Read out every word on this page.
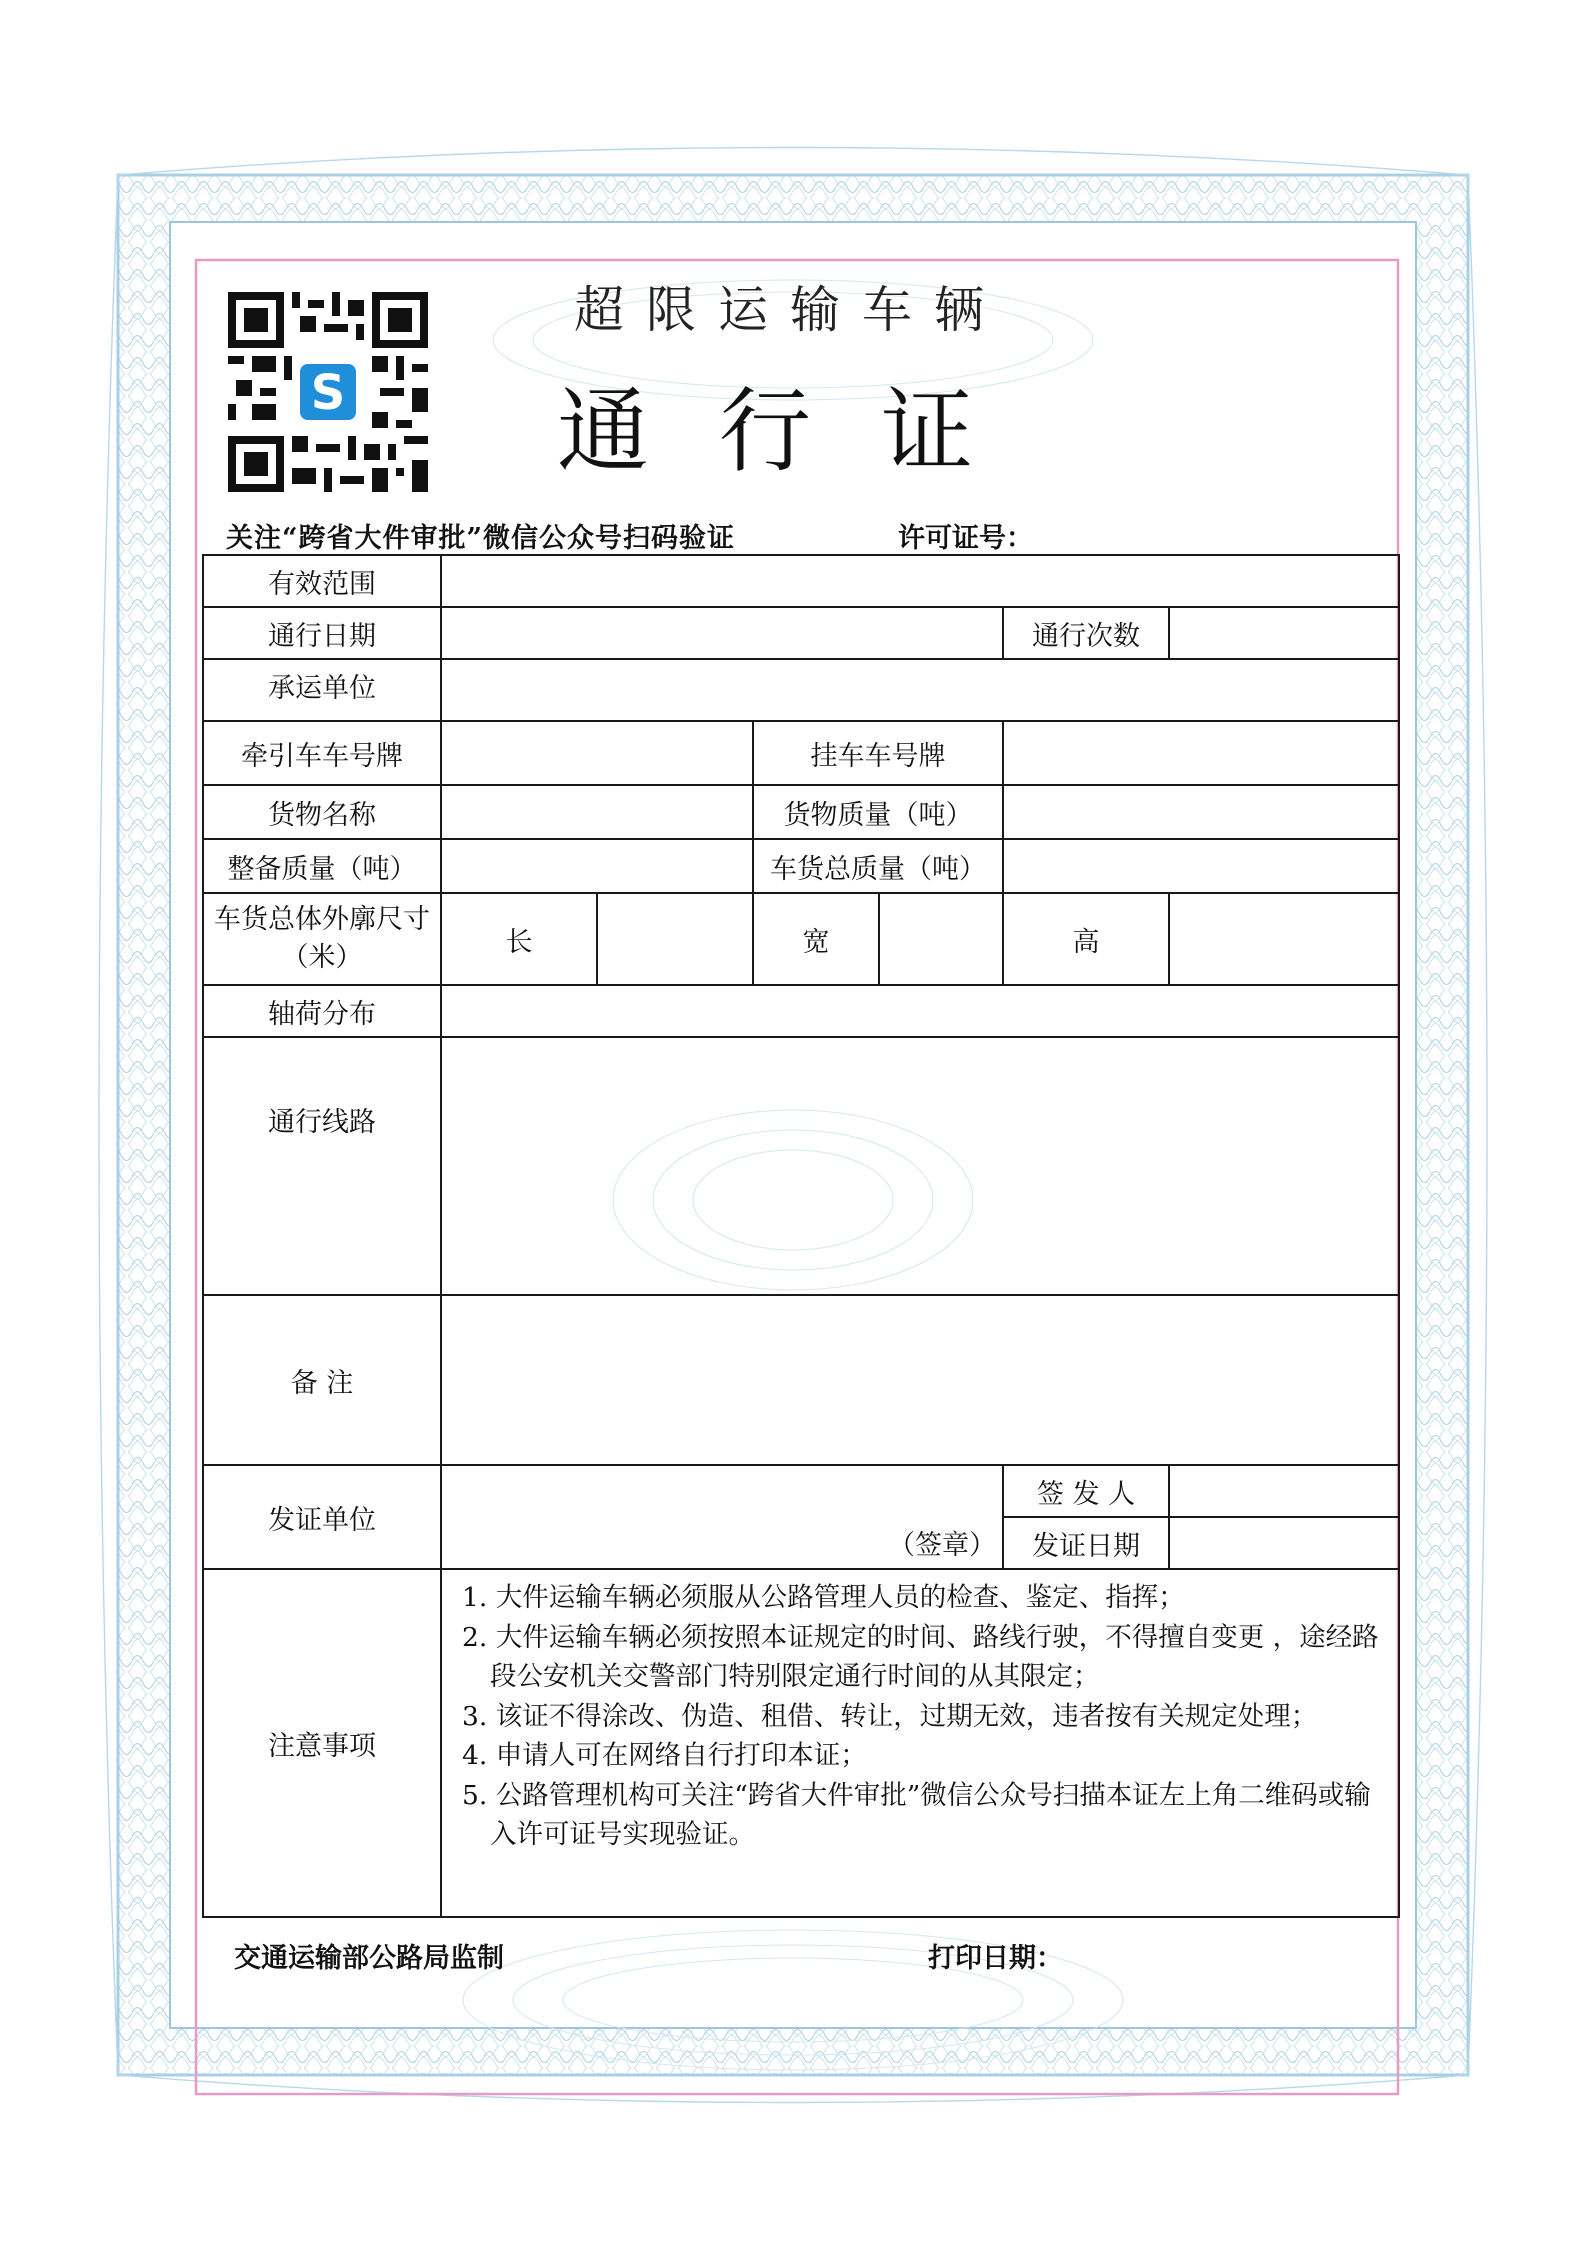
S
超限运输车辆
通行证
关注“跨省大件审批”微信公众号扫码验证	许可证号：
有效范围						
通行日期					通行次数	
承运单位						
牵引车车号牌			挂车车号牌			
货物名称			货物质量（吨）			
整备质量（吨）			车货总质量（吨）			
车货总体外廓尺寸（米）	长		宽		高	
轴荷分布						
通行线路						
备 注						
发证单位	（签章）				签 发 人	
					发证日期	
注意事项	1. 大件运输车辆必须服从公路管理人员的检查、鉴定、指挥；
2. 大件运输车辆必须按照本证规定的时间、路线行驶，不得擅自变更 ，途经路段公安机关交警部门特别限定通行时间的从其限定；
3. 该证不得涂改、伪造、租借、转让，过期无效，违者按有关规定处理；
4. 申请人可在网络自行打印本证；
5. 公路管理机构可关注“跨省大件审批”微信公众号扫描本证左上角二维码或输入许可证号实现验证。					
交通运输部公路局监制	打印日期：
